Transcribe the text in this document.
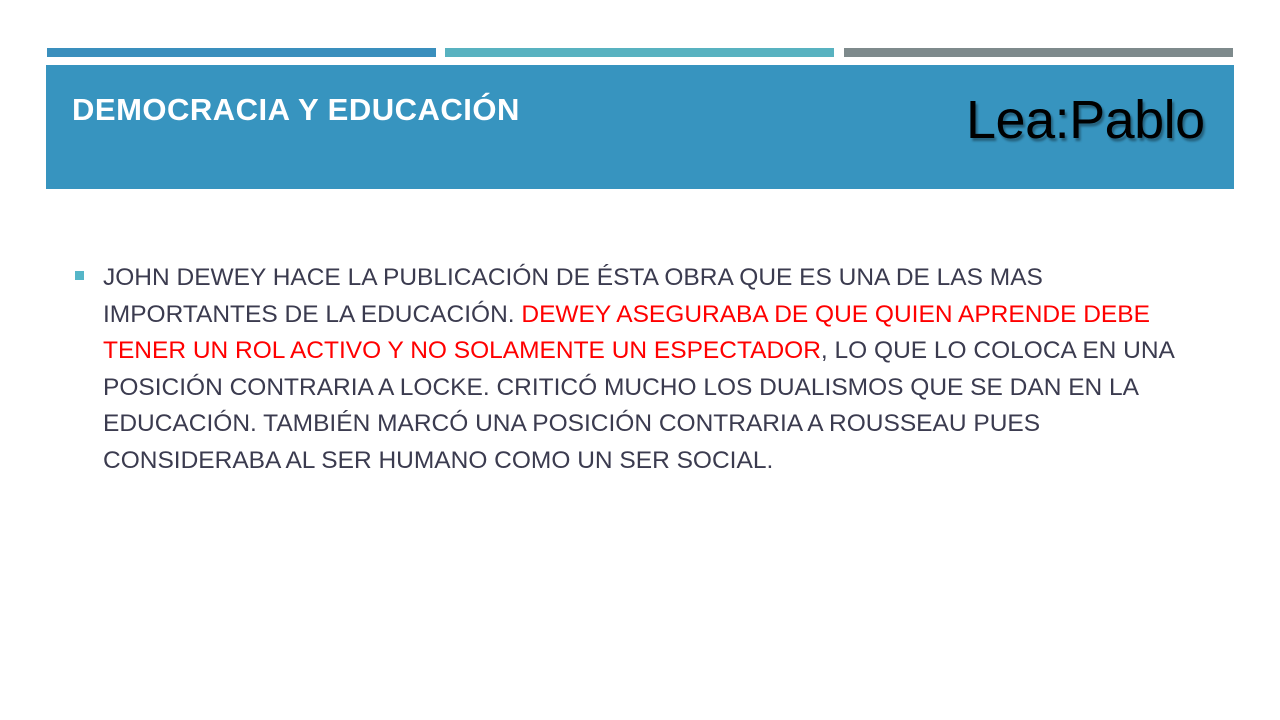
DEMOCRACIA Y EDUCACIÓN	Lea:Pablo
JOHN DEWEY HACE LA PUBLICACIÓN DE ÉSTA OBRA QUE ES UNA DE LAS MAS IMPORTANTES DE LA EDUCACIÓN. DEWEY ASEGURABA DE QUE QUIEN APRENDE DEBE TENER UN ROL ACTIVO Y NO SOLAMENTE UN ESPECTADOR, LO QUE LO COLOCA EN UNA POSICIÓN CONTRARIA A LOCKE. CRITICÓ MUCHO LOS DUALISMOS QUE SE DAN EN LA EDUCACIÓN. TAMBIÉN MARCÓ UNA POSICIÓN CONTRARIA A ROUSSEAU PUES CONSIDERABA AL SER HUMANO COMO UN SER SOCIAL.
